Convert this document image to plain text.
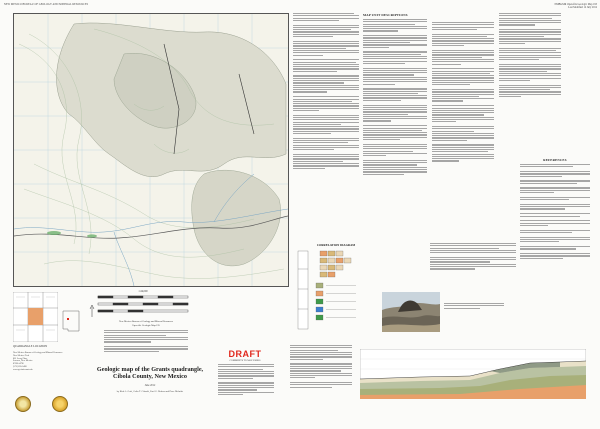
NEW MEXICO BUREAU OF GEOLOGY AND MINERAL RESOURCES	NMBGMR Open-file Geologic Map 195
Last Modified 12 July 2012
MAP UNIT DESCRIPTIONS
REFERENCES
CORRELATION DIAGRAM
QUADRANGLE LOCATION
New Mexico Bureau of Geology and Mineral Resources
New Mexico Tech
801 Leroy Place
Socorro, New Mexico
87801-4796
[575] 835-5490
www.geoinfo.nmt.edu
1:24,000
New Mexico Bureau of Geology and Mineral Resources
Open-file Geologic Map 195
DRAFT
COMMENTS TO MAP USERS
Geologic map of the Grants quadrangle,
Cibola County, New Mexico
June 2012
by Kirk A. Goff, Colin T. Cikoski, Paul G. Drakos and Dave Mcbride
